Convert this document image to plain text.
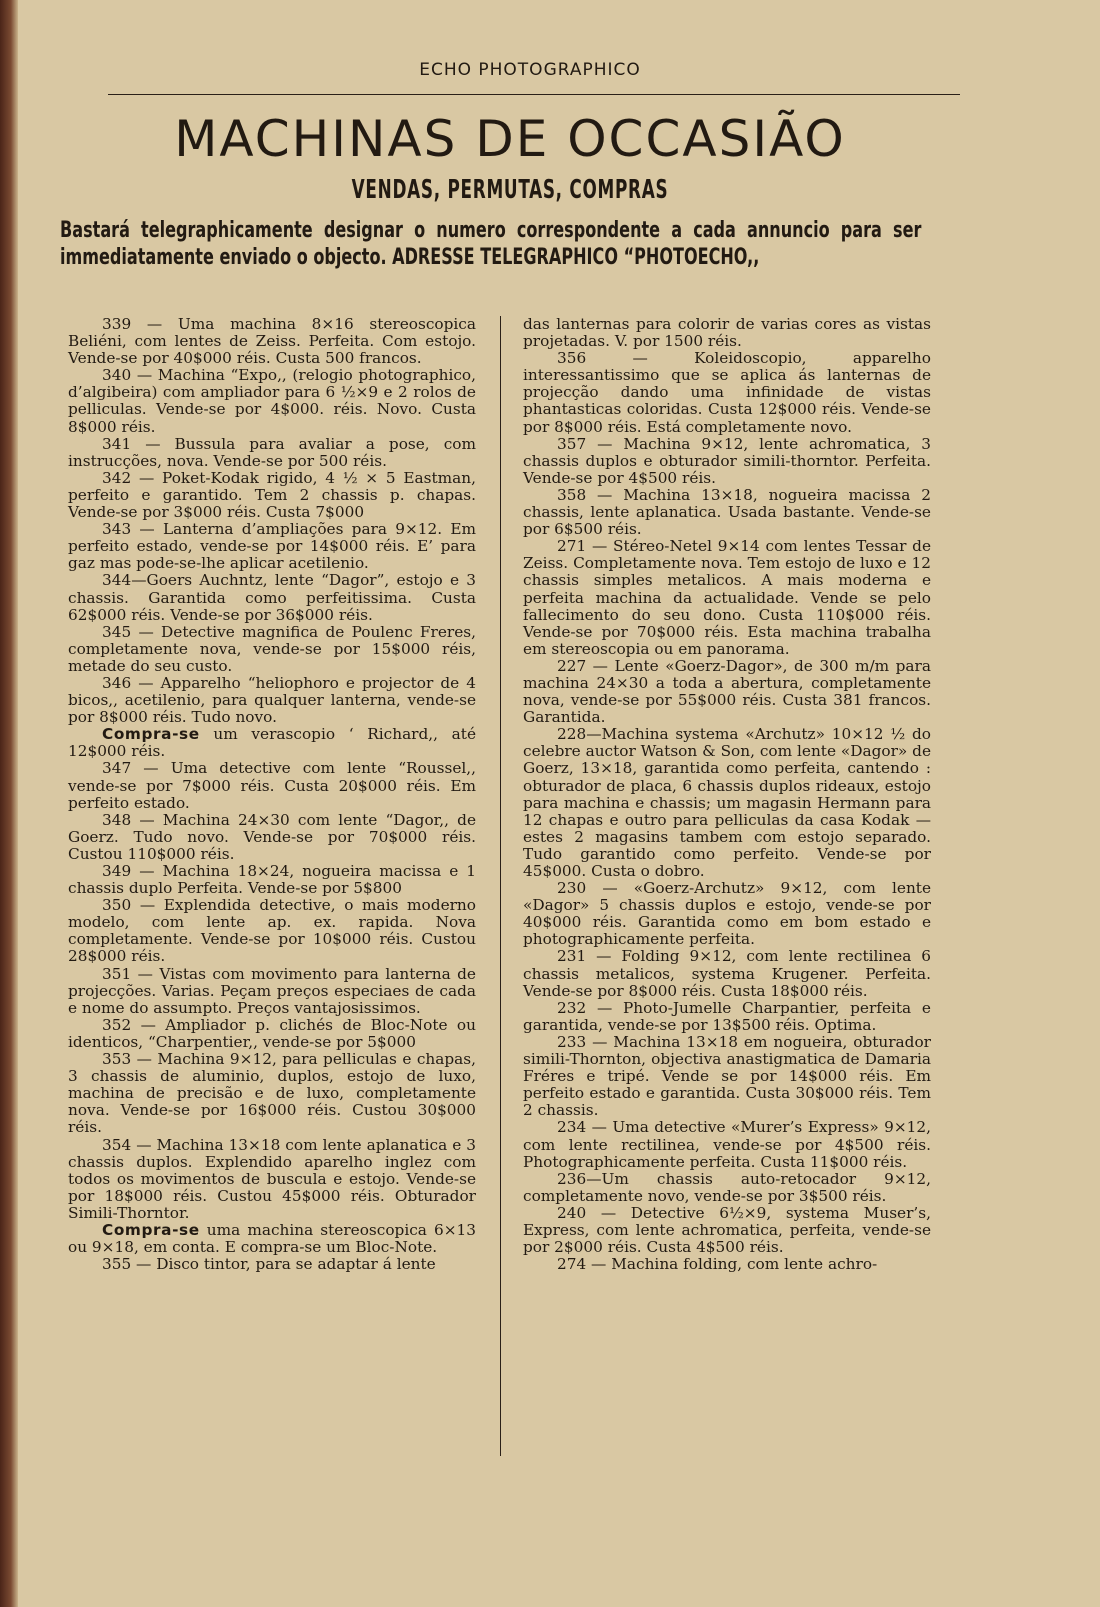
ECHO PHOTOGRAPHICO
MACHINAS DE OCCASIÃO
VENDAS, PERMUTAS, COMPRAS
Bastará telegraphicamente designar o numero correspondente a cada annuncio para ser immediatamente enviado o objecto. ADRESSE TELEGRAPHICO “PHOTOECHO,,

339 — Uma machina 8×16 stereoscopica Beliéni, com lentes de Zeiss. Perfeita. Com estojo. Vende-se por 40$000 réis. Custa 500 francos.

340 — Machina “Expo,, (relogio photographico, d’algibeira) com ampliador para 6 ½×9 e 2 rolos de pelliculas. Vende-se por 4$000. réis. Novo. Custa 8$000 réis.

341 — Bussula para avaliar a pose, com instrucções, nova. Vende-se por 500 réis.

342 — Poket-Kodak rigido, 4 ½ × 5 Eastman, perfeito e garantido. Tem 2 chassis p. chapas. Vende-se por 3$000 réis. Custa 7$000

343 — Lanterna d’ampliações para 9×12. Em perfeito estado, vende-se por 14$000 réis. E’ para gaz mas pode-se-lhe aplicar acetilenio.

344—Goers Auchntz, lente “Dagor”, estojo e 3 chassis. Garantida como perfeitissima. Custa 62$000 réis. Vende-se por 36$000 réis.

345 — Detective magnifica de Poulenc Freres, completamente nova, vende-se por 15$000 réis, metade do seu custo.

346 — Apparelho “heliophoro e projector de 4 bicos,, acetilenio, para qualquer lanterna, vende-se por 8$000 réis. Tudo novo.

Compra-se um verascopio ‘ Richard,, até 12$000 réis.

347 — Uma detective com lente “Roussel,, vende-se por 7$000 réis. Custa 20$000 réis. Em perfeito estado.

348 — Machina 24×30 com lente “Dagor,, de Goerz. Tudo novo. Vende-se por 70$000 réis. Custou 110$000 réis.

349 — Machina 18×24, nogueira macissa e 1 chassis duplo Perfeita. Vende-se por 5$800

350 — Explendida detective, o mais moderno modelo, com lente ap. ex. rapida. Nova completamente. Vende-se por 10$000 réis. Custou 28$000 réis.

351 — Vistas com movimento para lanterna de projecções. Varias. Peçam preços especiaes de cada e nome do assumpto. Preços vantajosissimos.

352 — Ampliador p. clichés de Bloc-Note ou identicos, “Charpentier,, vende-se por 5$000

353 — Machina 9×12, para pelliculas e chapas, 3 chassis de aluminio, duplos, estojo de luxo, machina de precisão e de luxo, completamente nova. Vende-se por 16$000 réis. Custou 30$000 réis.

354 — Machina 13×18 com lente aplanatica e 3 chassis duplos. Explendido aparelho inglez com todos os movimentos de buscula e estojo. Vende-se por 18$000 réis. Custou 45$000 réis. Obturador Simili-Thorntor.

Compra-se uma machina stereoscopica 6×13 ou 9×18, em conta. E compra-se um Bloc-Note.

355 — Disco tintor, para se adaptar á lente

das lanternas para colorir de varias cores as vistas projetadas. V. por 1500 réis.

356 — Koleidoscopio, apparelho interessantissimo que se aplica ás lanternas de projecção dando uma infinidade de vistas phantasticas coloridas. Custa 12$000 réis. Vende-se por 8$000 réis. Está completamente novo.

357 — Machina 9×12, lente achromatica, 3 chassis duplos e obturador simili-thorntor. Perfeita. Vende-se por 4$500 réis.

358 — Machina 13×18, nogueira macissa 2 chassis, lente aplanatica. Usada bastante. Vende-se por 6$500 réis.

271 — Stéreo-Netel 9×14 com lentes Tessar de Zeiss. Completamente nova. Tem estojo de luxo e 12 chassis simples metalicos. A mais moderna e perfeita machina da actualidade. Vende se pelo fallecimento do seu dono. Custa 110$000 réis. Vende-se por 70$000 réis. Esta machina trabalha em stereoscopia ou em panorama.

227 — Lente «Goerz-Dagor», de 300 m/m para machina 24×30 a toda a abertura, completamente nova, vende-se por 55$000 réis. Custa 381 francos. Garantida.

228—Machina systema «Archutz» 10×12 ½ do celebre auctor Watson & Son, com lente «Dagor» de Goerz, 13×18, garantida como perfeita, cantendo : obturador de placa, 6 chassis duplos rideaux, estojo para machina e chassis; um magasin Hermann para 12 chapas e outro para pelliculas da casa Kodak — estes 2 magasins tambem com estojo separado. Tudo garantido como perfeito. Vende-se por 45$000. Custa o dobro.

230 — «Goerz-Archutz» 9×12, com lente «Dagor» 5 chassis duplos e estojo, vende-se por 40$000 réis. Garantida como em bom estado e photographicamente perfeita.

231 — Folding 9×12, com lente rectilinea 6 chassis metalicos, systema Krugener. Perfeita. Vende-se por 8$000 réis. Custa 18$000 réis.

232 — Photo-Jumelle Charpantier, perfeita e garantida, vende-se por 13$500 réis. Optima.

233 — Machina 13×18 em nogueira, obturador simili-Thornton, objectiva anastigmatica de Damaria Fréres e tripé. Vende se por 14$000 réis. Em perfeito estado e garantida. Custa 30$000 réis. Tem 2 chassis.

234 — Uma detective «Murer’s Express» 9×12, com lente rectilinea, vende-se por 4$500 réis. Photographicamente perfeita. Custa 11$000 réis.

236—Um chassis auto-retocador 9×12, completamente novo, vende-se por 3$500 réis.

240 — Detective 6½×9, systema Muser’s, Express, com lente achromatica, perfeita, vende-se por 2$000 réis. Custa 4$500 réis.

274 — Machina folding, com lente achro-
